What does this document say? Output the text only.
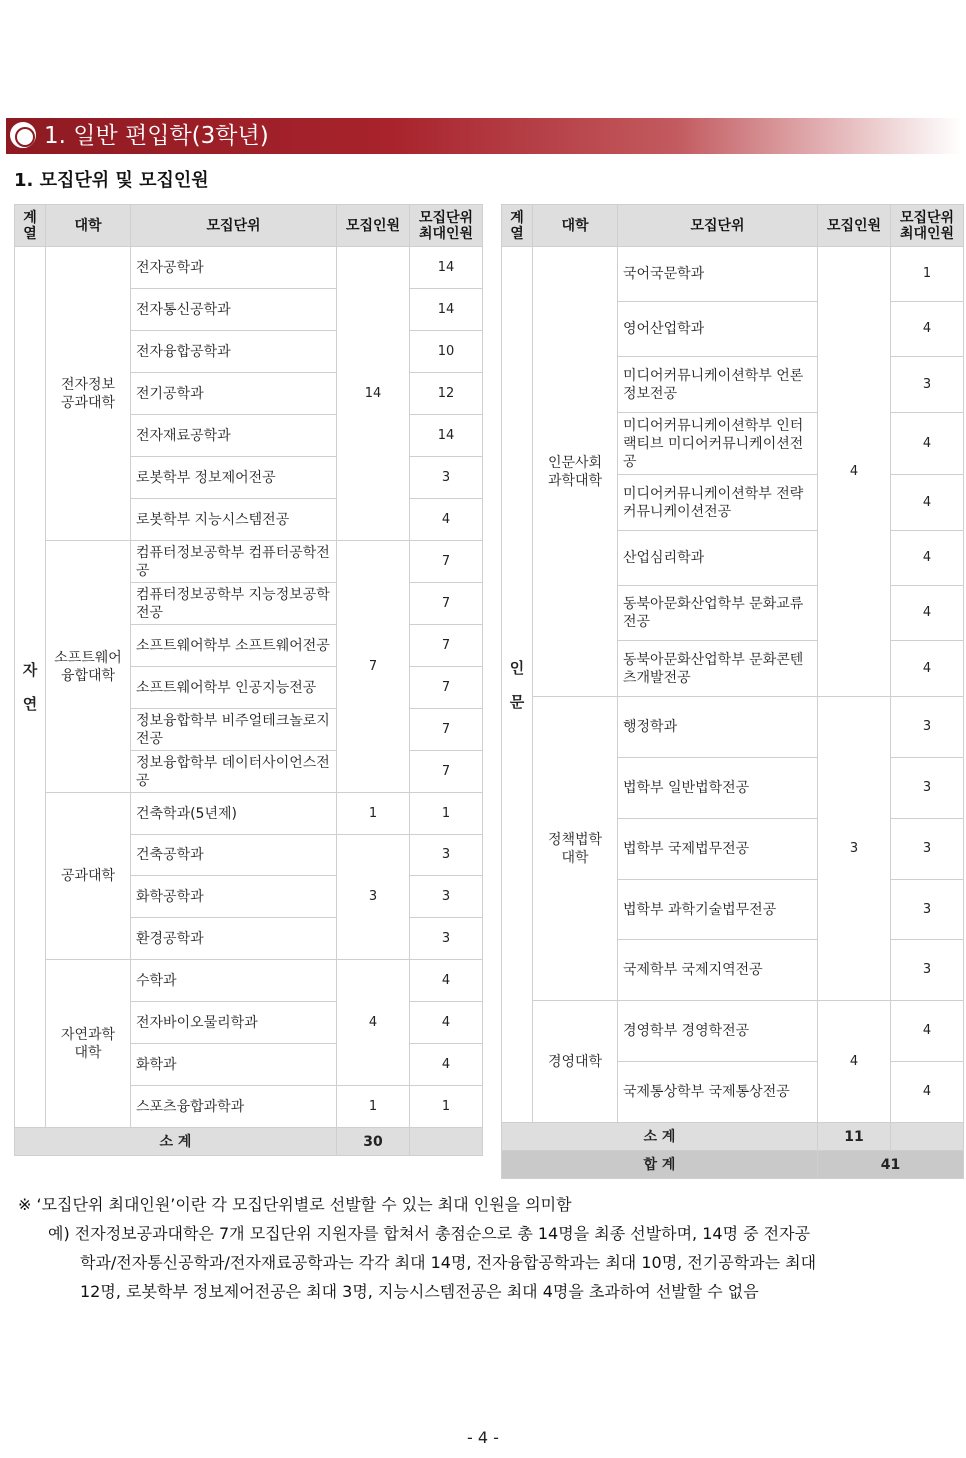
1. 일반 편입학(3학년)
1. 모집단위 및 모집인원
계열	대학	모집단위	모집인원	모집단위 최대인원
자연	전자정보 공과대학	전자공학과	14	14
		전자통신공학과		14
		전자융합공학과		10
		전기공학과		12
		전자재료공학과		14
		로봇학부 정보제어전공		3
		로봇학부 지능시스템전공		4
	소프트웨어 융합대학	컴퓨터정보공학부 컴퓨터공학전공	7	7
		컴퓨터정보공학부 지능정보공학전공		7
		소프트웨어학부 소프트웨어전공		7
		소프트웨어학부 인공지능전공		7
		정보융합학부 비주얼테크놀로지전공		7
		정보융합학부 데이터사이언스전공		7
	공과대학	건축학과(5년제)	1	1
		건축공학과	3	3
		화학공학과		3
		환경공학과		3
	자연과학 대학	수학과	4	4
		전자바이오물리학과		4
		화학과		4
		스포츠융합과학과	1	1
소 계			30	
계열	대학	모집단위	모집인원	모집단위 최대인원
인문	인문사회 과학대학	국어국문학과	4	1
		영어산업학과		4
		미디어커뮤니케이션학부 언론정보전공		3
		미디어커뮤니케이션학부 인터랙티브 미디어커뮤니케이션전공		4
		미디어커뮤니케이션학부 전략커뮤니케이션전공		4
		산업심리학과		4
		동북아문화산업학부 문화교류전공		4
		동북아문화산업학부 문화콘텐츠개발전공		4
	정책법학 대학	행정학과	3	3
		법학부 일반법학전공		3
		법학부 국제법무전공		3
		법학부 과학기술법무전공		3
		국제학부 국제지역전공		3
	경영대학	경영학부 경영학전공	4	4
		국제통상학부 국제통상전공		4
소 계			11	
합 계			41	
※ ‘모집단위 최대인원’이란 각 모집단위별로 선발할 수 있는 최대 인원을 의미함
예) 전자정보공과대학은 7개 모집단위 지원자를 합쳐서 총점순으로 총 14명을 최종 선발하며, 14명 중 전자공
학과/전자통신공학과/전자재료공학과는 각각 최대 14명, 전자융합공학과는 최대 10명, 전기공학과는 최대
12명, 로봇학부 정보제어전공은 최대 3명, 지능시스템전공은 최대 4명을 초과하여 선발할 수 없음
- 4 -
